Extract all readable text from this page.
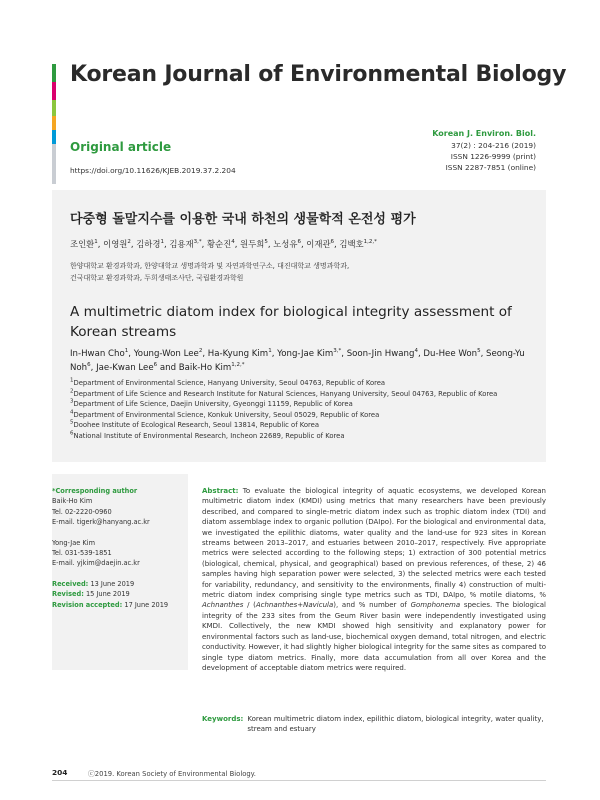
Korean Journal of Environmental Biology
Original article
https://doi.org/10.11626/KJEB.2019.37.2.204
Korean J. Environ. Biol.
37(2) : 204-216 (2019)
ISSN 1226-9999 (print)
ISSN 2287-7851 (online)
다중형 돌말지수를 이용한 국내 하천의 생물학적 온전성 평가
조인환$^1$, 이영원$^2$, 김하경$^1$, 김용재$^{3,*}$, 황순진$^4$, 원두희$^5$, 노성유$^6$, 이재관$^6$, 김백호$^{1,2,*}$
한양대학교 환경과학과, 한양대학교 생명과학과 및 자연과학연구소, 대진대학교 생명과학과,
건국대학교 환경과학과, 두희생태조사단, 국립환경과학원
A multimetric diatom index for biological integrity assessment of Korean streams
In-Hwan Cho$^1$, Young-Won Lee$^2$, Ha-Kyung Kim$^1$, Yong-Jae Kim$^{3,*}$, Soon-Jin Hwang$^4$, Du-Hee Won$^5$, Seong-Yu Noh$^6$, Jae-Kwan Lee$^6$ and Baik-Ho Kim$^{1,2,*}$
$^1$Department of Environmental Science, Hanyang University, Seoul 04763, Republic of Korea
$^2$Department of Life Science and Research Institute for Natural Sciences, Hanyang University, Seoul 04763, Republic of Korea
$^3$Department of Life Science, Daejin University, Gyeonggi 11159, Republic of Korea
$^4$Department of Environmental Science, Konkuk University, Seoul 05029, Republic of Korea
$^5$Doohee Institute of Ecological Research, Seoul 13814, Republic of Korea
$^6$National Institute of Environmental Research, Incheon 22689, Republic of Korea
*Corresponding author
Baik-Ho Kim
Tel. 02-2220-0960
E-mail. tigerk@hanyang.ac.kr
Yong-Jae Kim
Tel. 031-539-1851
E-mail. yjkim@daejin.ac.kr
Received: 13 June 2019
Revised: 15 June 2019
Revision accepted: 17 June 2019
Abstract: To evaluate the biological integrity of aquatic ecosystems, we developed Korean multimetric diatom index (KMDI) using metrics that many researchers have been previously described, and compared to single-metric diatom index such as trophic diatom index (TDI) and diatom assemblage index to organic pollution (DAIpo). For the biological and environmental data, we investigated the epilithic diatoms, water quality and the land-use for 923 sites in Korean streams between 2013–2017, and estuaries between 2010–2017, respectively. Five appropriate metrics were selected according to the following steps; 1) extraction of 300 potential metrics (biological, chemical, physical, and geographical) based on previous references, of these, 2) 46 samples having high separation power were selected, 3) the selected metrics were each tested for variability, redundancy, and sensitivity to the environments, finally 4) construction of multi-metric diatom index comprising single type metrics such as TDI, DAIpo, % motile diatoms, % Achnanthes / (Achnanthes+Navicula), and % number of Gomphonema species. The biological integrity of the 233 sites from the Geum River basin were independently investigated using KMDI. Collectively, the new KMDI showed high sensitivity and explanatory power for environmental factors such as land-use, biochemical oxygen demand, total nitrogen, and electric conductivity. However, it had slightly higher biological integrity for the same sites as compared to single type diatom metrics. Finally, more data accumulation from all over Korea and the development of acceptable diatom metrics were required.
Keywords: Korean multimetric diatom index, epilithic diatom, biological integrity, water quality, stream and estuary
204	ⓒ2019. Korean Society of Environmental Biology.
